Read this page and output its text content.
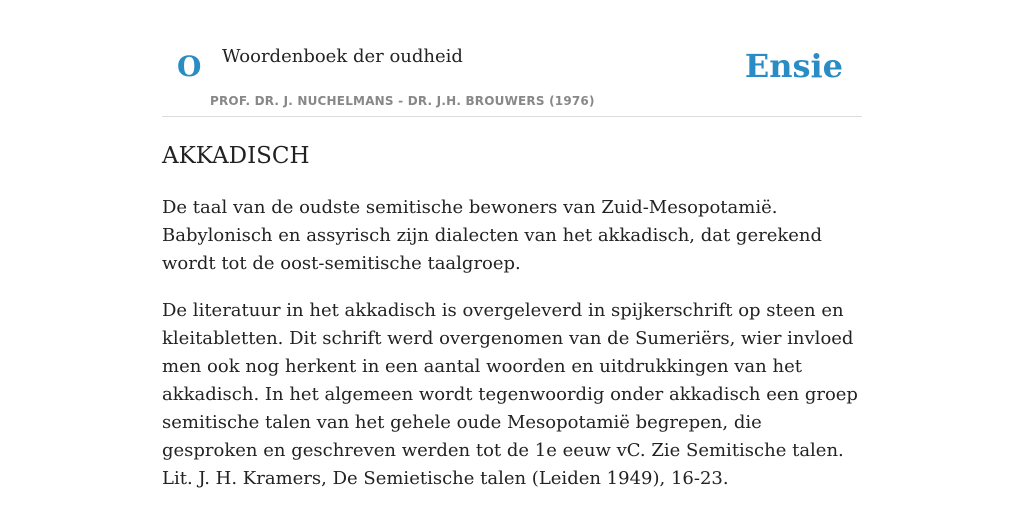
O Woordenboek der oudheid
PROF. DR. J. NUCHELMANS - DR. J.H. BROUWERS (1976)
Ensie
AKKADISCH

De taal van de oudste semitische bewoners van Zuid-Mesopotamië. Babylonisch en assyrisch zijn dialecten van het akkadisch, dat gerekend wordt tot de oost-semitische taalgroep.

De literatuur in het akkadisch is overgeleverd in spijkerschrift op steen en kleitabletten. Dit schrift werd overgenomen van de Sumeriërs, wier invloed men ook nog herkent in een aantal woorden en uitdrukkingen van het akkadisch. In het algemeen wordt tegenwoordig onder akkadisch een groep semitische talen van het gehele oude Mesopotamië begrepen, die gesproken en geschreven werden tot de 1e eeuw vC. Zie Semitische talen. Lit. J. H. Kramers, De Semietische talen (Leiden 1949), 16-23.
